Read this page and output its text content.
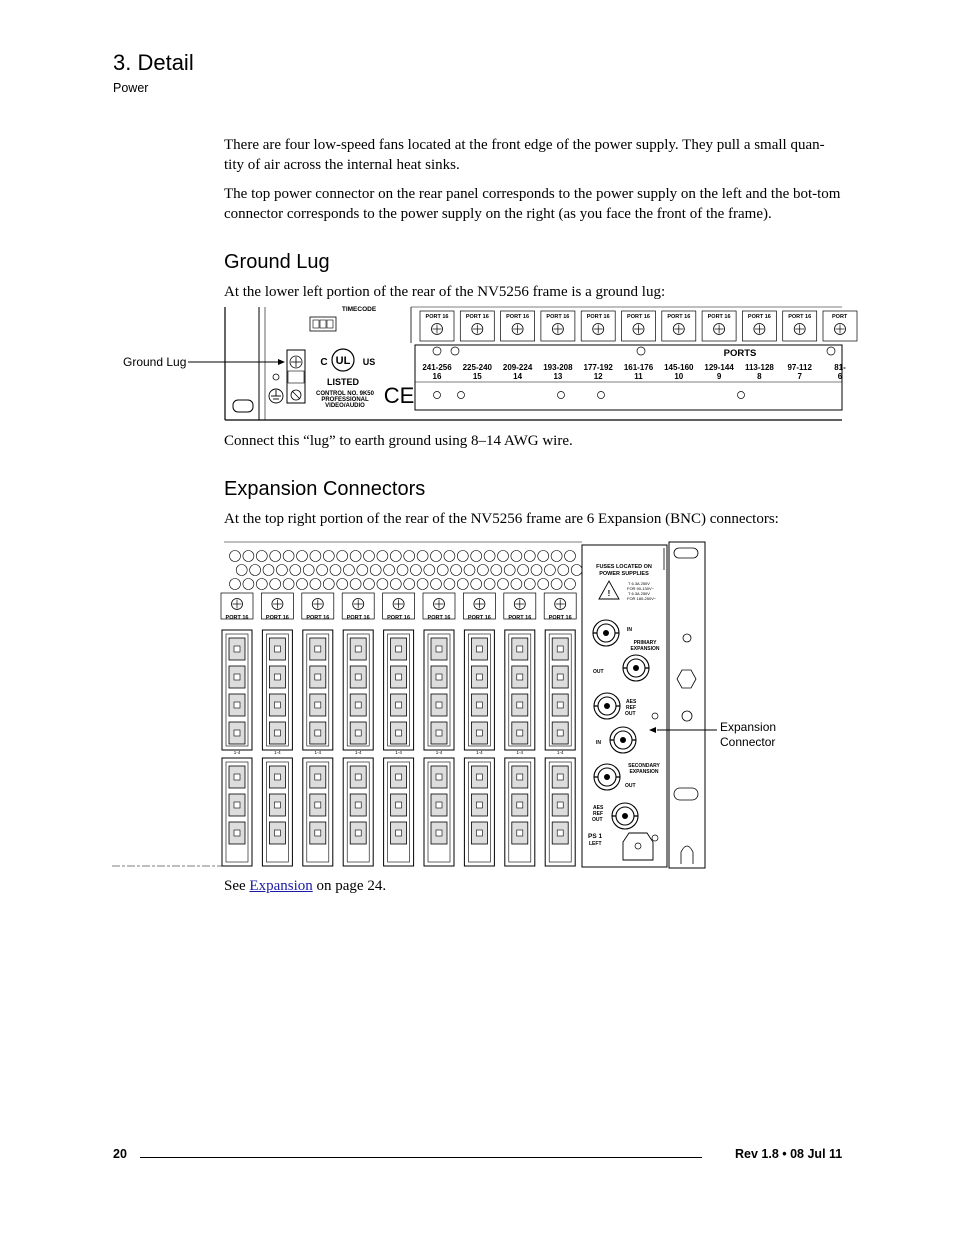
3. Detail
Power

There are four low-speed fans located at the front edge of the power supply. They pull a small quan-tity of air across the internal heat sinks.

The top power connector on the rear panel corresponds to the power supply on the left and the bot-tom connector corresponds to the power supply on the right (as you face the front of the frame).

Ground Lug

At the lower left portion of the rear of the NV5256 frame is a ground lug:

Ground Lug
TIMECODE
UL
C	US
LISTED
CONTROL NO. 9K50
PROFESSIONAL
VIDEO/AUDIO CE
PORTS
PORT 16
241-256
16
PORT 16
225-240
15
PORT 16
209-224
14
PORT 16
193-208
13
PORT 16
177-192
12
PORT 16
161-176
11
PORT 16
145-160
10
PORT 16
129-144
9
PORT 16
113-128
8
PORT 16
97-112
7
PORT
81-
6

Connect this “lug” to earth ground using 8–14 AWG wire.

Expansion Connectors

At the top right portion of the rear of the NV5256 frame are 6 Expansion (BNC) connectors:

Expansion
Connector
PORT 16
1-4
PORT 16
1-4
PORT 16
1-4
PORT 16
1-4
PORT 16
1-4
PORT 16
1-4
PORT 16
1-4
PORT 16
1-4
PORT 16
1-4
FUSES LOCATED ON
POWER SUPPLIES
!
T 6.3A 250V
FOR 90-130V~
T 6.3A 250V
FOR 180-250V~
IN
PRIMARY
EXPANSION
OUT
AES
REF
OUT
IN
SECONDARY
EXPANSION
OUT
AES
REF
OUT
PS 1
LEFT

See Expansion on page 24.

20	Rev 1.8 • 08 Jul 11
